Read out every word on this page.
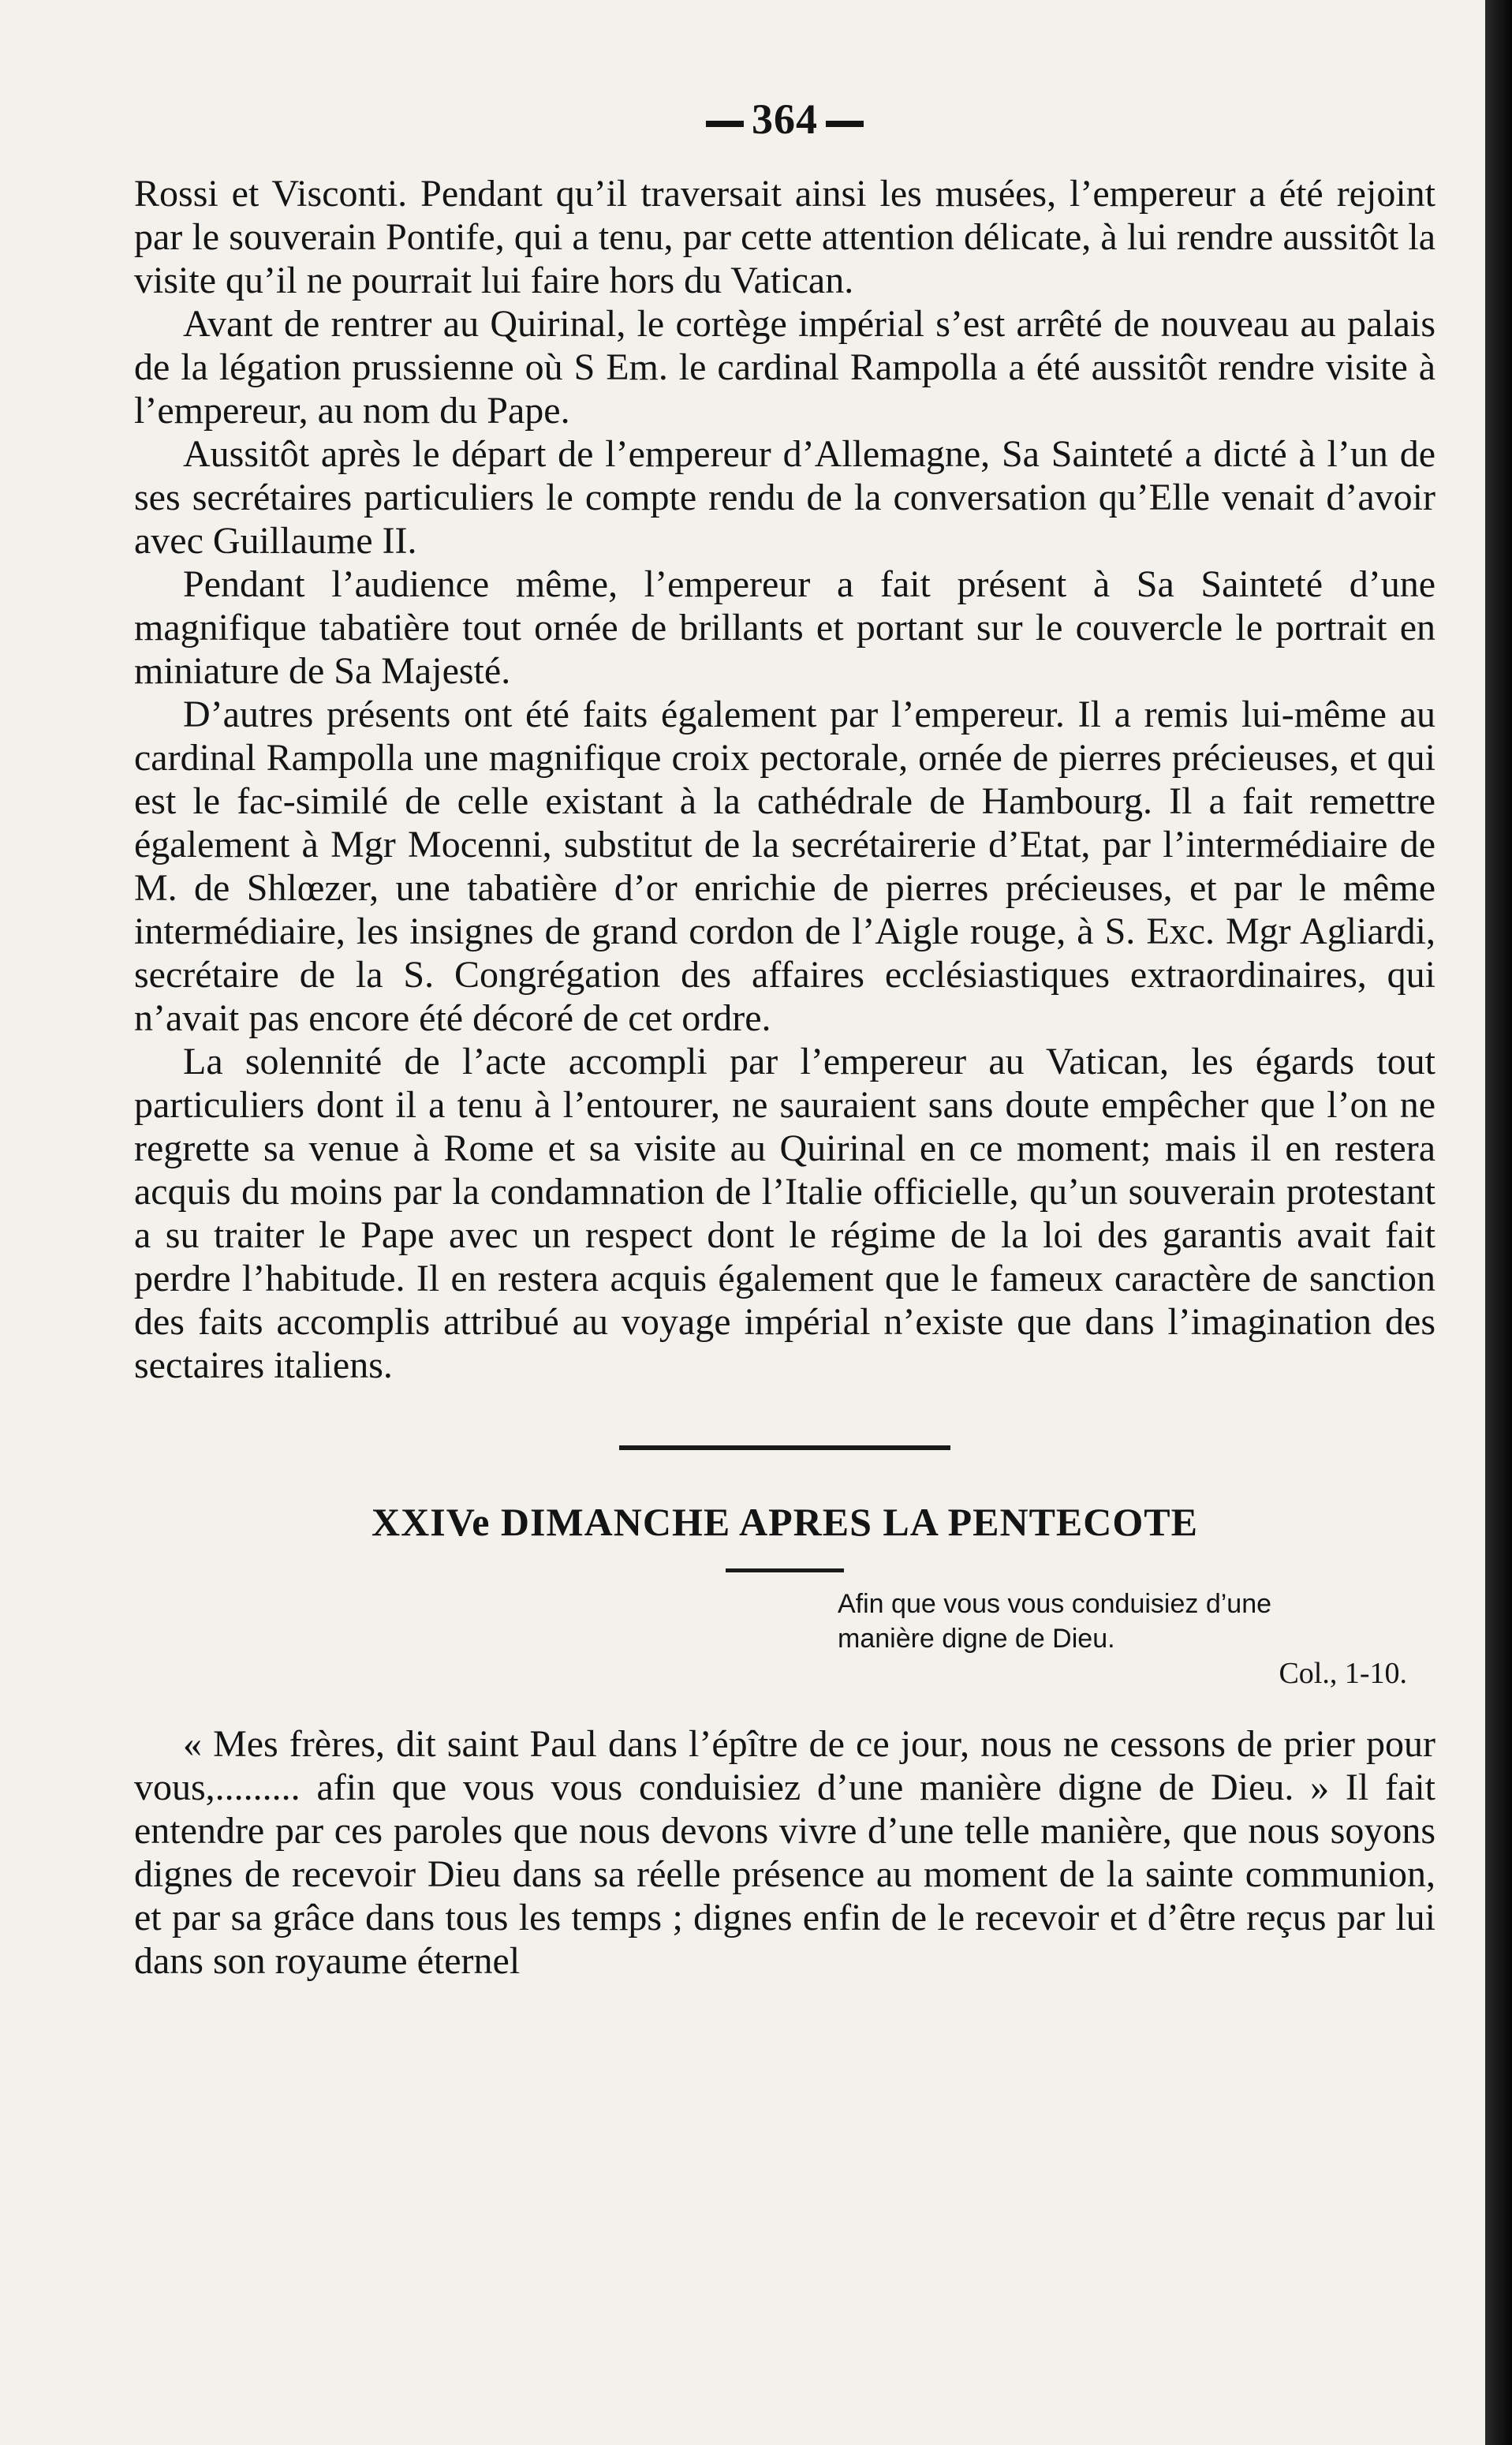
364

Rossi et Visconti. Pendant qu’il traversait ainsi les musées, l’empereur a été rejoint par le souverain Pontife, qui a tenu, par cette attention délicate, à lui rendre aussitôt la visite qu’il ne pourrait lui faire hors du Vatican.

Avant de rentrer au Quirinal, le cortège impérial s’est arrêté de nouveau au palais de la légation prussienne où S Em. le cardinal Rampolla a été aussitôt rendre visite à l’empereur, au nom du Pape.

Aussitôt après le départ de l’empereur d’Allemagne, Sa Sainteté a dicté à l’un de ses secrétaires particuliers le compte rendu de la conversation qu’Elle venait d’avoir avec Guillaume II.

Pendant l’audience même, l’empereur a fait présent à Sa Sainteté d’une magnifique tabatière tout ornée de brillants et portant sur le couvercle le portrait en miniature de Sa Majesté.

D’autres présents ont été faits également par l’empereur. Il a remis lui-même au cardinal Rampolla une magnifique croix pectorale, ornée de pierres précieuses, et qui est le fac-similé de celle existant à la cathédrale de Hambourg. Il a fait remettre également à Mgr Mocenni, substitut de la secrétairerie d’Etat, par l’intermédiaire de M. de Shlœzer, une tabatière d’or enrichie de pierres précieuses, et par le même intermédiaire, les insignes de grand cordon de l’Aigle rouge, à S. Exc. Mgr Agliardi, secrétaire de la S. Congrégation des affaires ecclésiastiques extraordinaires, qui n’avait pas encore été décoré de cet ordre.

La solennité de l’acte accompli par l’empereur au Vatican, les égards tout particuliers dont il a tenu à l’entourer, ne sauraient sans doute empêcher que l’on ne regrette sa venue à Rome et sa visite au Quirinal en ce moment; mais il en restera acquis du moins par la condamnation de l’Italie officielle, qu’un souverain protestant a su traiter le Pape avec un respect dont le régime de la loi des garantis avait fait perdre l’habitude. Il en restera acquis également que le fameux caractère de sanction des faits accomplis attribué au voyage impérial n’existe que dans l’imagination des sectaires italiens.

XXIVe DIMANCHE APRES LA PENTECOTE
Afin que vous vous conduisiez d’une
manière digne de Dieu.
Col., 1-10.

« Mes frères, dit saint Paul dans l’épître de ce jour, nous ne cessons de prier pour vous,......... afin que vous vous conduisiez d’une manière digne de Dieu. » Il fait entendre par ces paroles que nous devons vivre d’une telle manière, que nous soyons dignes de recevoir Dieu dans sa réelle présence au moment de la sainte communion, et par sa grâce dans tous les temps ; dignes enfin de le recevoir et d’être reçus par lui dans son royaume éternel
